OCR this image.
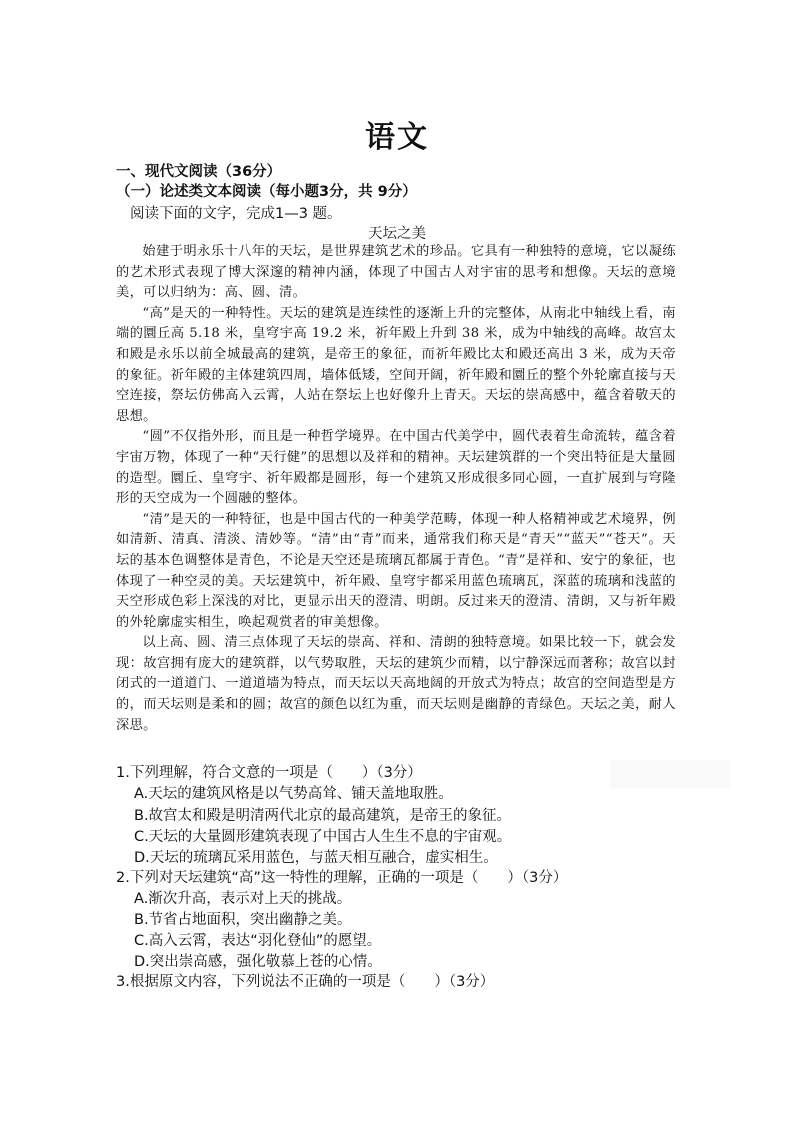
语文
一、现代文阅读（36分）
（一）论述类文本阅读（每小题3分，共 9分）
阅读下面的文字，完成1—3 题。
天坛之美

始建于明永乐十八年的天坛，是世界建筑艺术的珍品。它具有一种独特的意境，它以凝练的艺术形式表现了博大深邃的精神内涵，体现了中国古人对宇宙的思考和想像。天坛的意境美，可以归纳为：高、圆、清。

“高”是天的一种特性。天坛的建筑是连续性的逐渐上升的完整体，从南北中轴线上看，南端的圜丘高 5.18 米，皇穹宇高 19.2 米，祈年殿上升到 38 米，成为中轴线的高峰。故宫太和殿是永乐以前全城最高的建筑，是帝王的象征，而祈年殿比太和殿还高出 3 米，成为天帝的象征。祈年殿的主体建筑四周，墙体低矮，空间开阔，祈年殿和圜丘的整个外轮廓直接与天空连接，祭坛仿佛高入云霄，人站在祭坛上也好像升上青天。天坛的崇高感中，蕴含着敬天的思想。

“圆”不仅指外形，而且是一种哲学境界。在中国古代美学中，圆代表着生命流转，蕴含着宇宙万物，体现了一种“天行健”的思想以及祥和的精神。天坛建筑群的一个突出特征是大量圆的造型。圜丘、皇穹宇、祈年殿都是圆形，每一个建筑又形成很多同心圆，一直扩展到与穹隆形的天空成为一个圆融的整体。

“清”是天的一种特征，也是中国古代的一种美学范畴，体现一种人格精神或艺术境界，例如清新、清真、清淡、清妙等。“清”由“青”而来，通常我们称天是“青天”“蓝天”“苍天”。天坛的基本色调整体是青色，不论是天空还是琉璃瓦都属于青色。“青”是祥和、安宁的象征，也体现了一种空灵的美。天坛建筑中，祈年殿、皇穹宇都采用蓝色琉璃瓦，深蓝的琉璃和浅蓝的天空形成色彩上深浅的对比，更显示出天的澄清、明朗。反过来天的澄清、清朗，又与祈年殿的外轮廓虚实相生，唤起观赏者的审美想像。

以上高、圆、清三点体现了天坛的崇高、祥和、清朗的独特意境。如果比较一下，就会发现：故宫拥有庞大的建筑群，以气势取胜，天坛的建筑少而精，以宁静深远而著称；故宫以封闭式的一道道门、一道道墙为特点，而天坛以天高地阔的开放式为特点；故宫的空间造型是方的，而天坛则是柔和的圆；故宫的颜色以红为重，而天坛则是幽静的青绿色。天坛之美，耐人深思。

1.下列理解，符合文意的一项是（　　）（3分）
A.天坛的建筑风格是以气势高耸、铺天盖地取胜。
B.故宫太和殿是明清两代北京的最高建筑，是帝王的象征。
C.天坛的大量圆形建筑表现了中国古人生生不息的宇宙观。
D.天坛的琉璃瓦采用蓝色，与蓝天相互融合，虚实相生。
2.下列对天坛建筑“高”这一特性的理解，正确的一项是（　　）（3分）
A.渐次升高，表示对上天的挑战。
B.节省占地面积，突出幽静之美。
C.高入云霄，表达“羽化登仙”的愿望。
D.突出崇高感，强化敬慕上苍的心情。
3.根据原文内容，下列说法不正确的一项是（　　）（3分）
